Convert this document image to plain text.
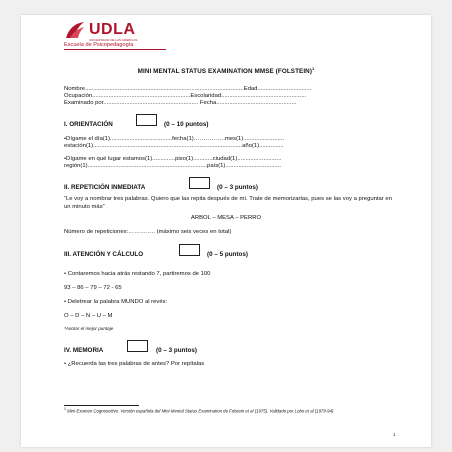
UDLA
UNIVERSIDAD DE LAS AMÉRICAS
Escuela de Psicopedagogía
MINI MENTAL STATUS EXAMINATION MMSE (FOLSTEIN)$^1$
Nombre.................................................................................................Edad.................................
Ocupación............................................................Escolaridad....................................................
Examinado por.......................................................... Fecha.................................................
I. ORIENTACIÓN	(0 – 10 puntos)
•Dígame el día(1)......................................fecha(1)…………….mes(1).........................
estación(1)...........................................................................................año(1)...............
•Dígame en qué lugar estamos(1)..............piso(1)............ciudad(1)...........................
región(1).........................................................................país(1)..................................
II. REPETICIÓN INMEDIATA	(0 – 3 puntos)
“Le voy a nombrar tres palabras. Quiero que las repita después de mí. Trate de memorizarlas, pues se las voy a preguntar en un minuto más”
ARBOL – MESA – PERRO
Número de repeticiones:………….. (máximo seis veces en total)
III. ATENCIÓN Y CÁLCULO	(0 – 5 puntos)
• Contaremos hacia atrás restando 7, partiremos de 100
93 – 86 – 79 – 72 - 65
• Deletrear la palabra MUNDO al revés:
O – D – N – U – M
*Anotar el mejor puntaje
IV. MEMORIA	(0 – 3 puntos)
• ¿Recuerda las tres palabras de antes? Por repítalas
$^1$ Mini-Examen Cognoscitivo. Versión española del Mini-Mental Status Examination de Folstein et al (1975). Validado por Lobo et al (1979-94)
1
